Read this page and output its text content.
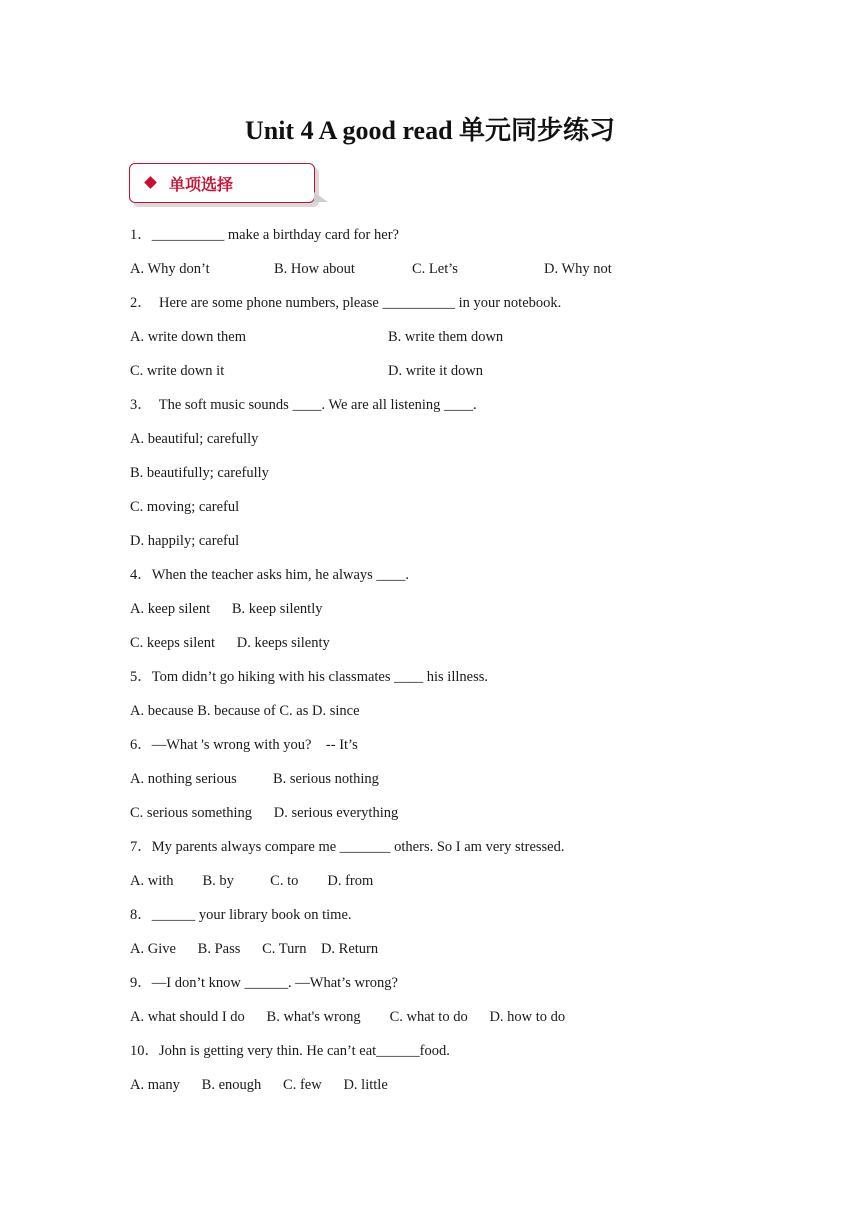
Unit 4 A good read 单元同步练习
单项选择
1．__________ make a birthday card for her?

A. Why don’t

	B. How about

	C. Let’s

	D. Why not

2．  Here are some phone numbers, please __________ in your notebook.

A. write down them

	B. write them down

C. write down it

	D. write it down

3．  The soft music sounds ____. We are all listening ____.
A. beautiful; carefully
B. beautifully; carefully
C. moving; careful
D. happily; careful
4．When the teacher asks him, he always ____.
A. keep silent      B. keep silently
C. keeps silent      D. keeps silenty
5．Tom didn’t go hiking with his classmates ____ his illness.
A. because B. because of C. as D. since
6．—What 's wrong with you?    -- It’s
A. nothing serious          B. serious nothing
C. serious something      D. serious everything
7．My parents always compare me _______ others. So I am very stressed.
A. with        B. by          C. to        D. from
8．______ your library book on time.
A. Give      B. Pass      C. Turn    D. Return
9．—I don’t know ______. —What’s wrong?
A. what should I do      B. what's wrong        C. what to do      D. how to do
10．John is getting very thin. He can’t eat______food.
A. many      B. enough      C. few      D. little
